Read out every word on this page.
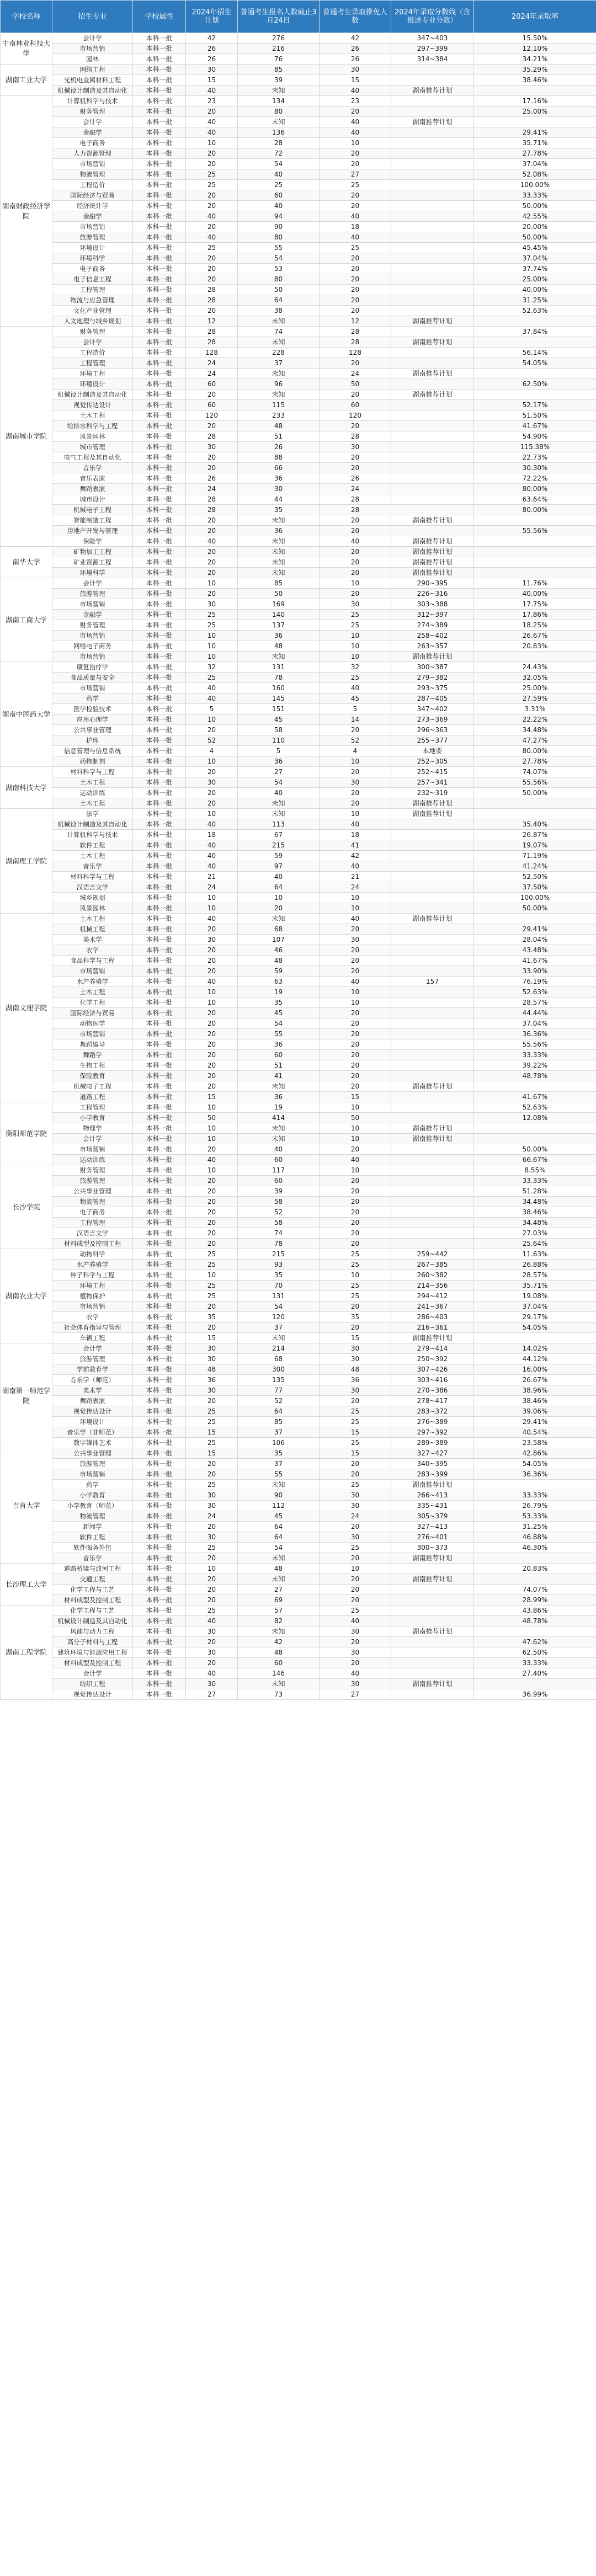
学校名称	招生专业	学校属性	2024年招生计划	普通考生报名人数截止3月24日	普通考生录取推免人数	2024年录取分数线（含推送专业分数）	2024年录取率
中南林业科技大学	会计学	本科一批	42	276	42	347~403	15.50%
	市场营销	本科一批	26	216	26	297~399	12.10%
	园林	本科一批	26	76	26	314~384	34.21%
湖南工业大学	网络工程	本科一批	30	85	30		35.29%
	光机电金属材料工程	本科一批	15	39	15		38.46%
	机械设计制造及其自动化	本科一批	40	未知	40	湖南推荐计划	
湖南财政经济学院	计算机科学与技术	本科一批	23	134	23		17.16%
	财务管理	本科一批	20	80	20		25.00%
	会计学	本科一批	40	未知	40	湖南推荐计划	
	金融学	本科一批	40	136	40		29.41%
	电子商务	本科一批	10	28	10		35.71%
	人力资源管理	本科一批	20	72	20		27.78%
	市场营销	本科一批	20	54	20		37.04%
	物流管理	本科一批	25	40	27		52.08%
	工程造价	本科一批	25	25	25		100.00%
	国际经济与贸易	本科一批	20	60	20		33.33%
	经济统计学	本科一批	20	40	20		50.00%
	金融学	本科一批	40	94	40		42.55%
	市场营销	本科一批	20	90	18		20.00%
	旅游管理	本科一批	40	80	40		50.00%
	环境设计	本科一批	25	55	25		45.45%
	环境科学	本科一批	20	54	20		37.04%
	电子商务	本科一批	20	53	20		37.74%
	电子信息工程	本科一批	20	80	20		25.00%
	工程管理	本科一批	28	50	20		40.00%
	物流与应急管理	本科一批	28	64	20		31.25%
	文化产业管理	本科一批	20	38	20		52.63%
	人文地理与城乡规划	本科一批	12	未知	12	湖南推荐计划	
湖南城市学院	财务管理	本科一批	28	74	28		37.84%
	会计学	本科一批	28	未知	28	湖南推荐计划	
	工程造价	本科一批	128	228	128		56.14%
	工程管理	本科一批	24	37	20		54.05%
	环境工程	本科一批	24	未知	24	湖南推荐计划	
	环境设计	本科一批	60	96	50		62.50%
	机械设计制造及其自动化	本科一批	20	未知	20	湖南推荐计划	
	视觉传达设计	本科一批	60	115	60		52.17%
	土木工程	本科一批	120	233	120		51.50%
	给排水科学与工程	本科一批	20	48	20		41.67%
	风景园林	本科一批	28	51	28		54.90%
	城市管理	本科一批	30	26	30		115.38%
	电气工程及其自动化	本科一批	20	88	20		22.73%
	音乐学	本科一批	20	66	20		30.30%
	音乐表演	本科一批	26	36	26		72.22%
	舞蹈表演	本科一批	24	30	24		80.00%
	城市设计	本科一批	28	44	28		63.64%
	机械电子工程	本科一批	28	35	28		80.00%
	智能制造工程	本科一批	20	未知	20	湖南推荐计划	
	房地产开发与管理	本科一批	20	36	20		55.56%
	保险学	本科一批	40	未知	40	湖南推荐计划	
南华大学	矿物加工工程	本科一批	20	未知	20	湖南推荐计划	
	矿业资源工程	本科一批	20	未知	20	湖南推荐计划	
	环境科学	本科一批	20	未知	20	湖南推荐计划	
湖南工商大学	会计学	本科一批	10	85	10	290~395	11.76%
	旅游管理	本科一批	20	50	20	226~316	40.00%
	市场营销	本科一批	30	169	30	303~388	17.75%
	金融学	本科一批	25	140	25	312~397	17.86%
	财务管理	本科一批	25	137	25	274~389	18.25%
	市场营销	本科一批	10	36	10	258~402	26.67%
	网络电子商务	本科一批	10	48	10	263~357	20.83%
	市场营销	本科一批	10	未知	10	湖南推荐计划	
湖南中医药大学	康复治疗学	本科一批	32	131	32	300~387	24.43%
	食品质量与安全	本科一批	25	78	25	279~382	32.05%
	市场营销	本科一批	40	160	40	293~375	25.00%
	药学	本科一批	40	145	45	287~405	27.59%
	医学检验技术	本科一批	5	151	5	347~402	3.31%
	应用心理学	本科一批	10	45	14	273~369	22.22%
	公共事业管理	本科一批	20	58	20	296~363	34.48%
	护理	本科一批	52	110	52	255~377	47.27%
	信息管理与信息系统	本科一批	4	5	4	本地要	80.00%
	药物制剂	本科一批	10	36	10	252~305	27.78%
湖南科技大学	材料科学与工程	本科一批	20	27	20	252~415	74.07%
	土木工程	本科一批	30	54	30	257~341	55.56%
	运动训练	本科一批	20	40	20	232~319	50.00%
	土木工程	本科一批	20	未知	20	湖南推荐计划	
湖南理工学院	法学	本科一批	10	未知	10	湖南推荐计划	
	机械设计制造及其自动化	本科一批	40	113	40		35.40%
	计算机科学与技术	本科一批	18	67	18		26.87%
	软件工程	本科一批	40	215	41		19.07%
	土木工程	本科一批	40	59	42		71.19%
	音乐学	本科一批	40	97	40		41.24%
	材料科学与工程	本科一批	21	40	21		52.50%
	汉语言文学	本科一批	24	64	24		37.50%
	城乡规划	本科一批	10	10	10		100.00%
	风景园林	本科一批	10	20	10		50.00%
湖南文理学院	土木工程	本科一批	40	未知	40	湖南推荐计划	
	机械工程	本科一批	20	68	20		29.41%
	美术学	本科一批	30	107	30		28.04%
	农学	本科一批	20	46	20		43.48%
	食品科学与工程	本科一批	20	48	20		41.67%
	市场营销	本科一批	20	59	20		33.90%
	水产养殖学	本科一批	40	63	40	157	76.19%
	土木工程	本科一批	10	19	10		52.63%
	化学工程	本科一批	10	35	10		28.57%
	国际经济与贸易	本科一批	20	45	20		44.44%
	动物医学	本科一批	20	54	20		37.04%
	市场营销	本科一批	20	55	20		36.36%
	舞蹈编导	本科一批	20	36	20		55.56%
	舞蹈学	本科一批	20	60	20		33.33%
	生物工程	本科一批	20	51	20		39.22%
	保险教育	本科一批	20	41	20		48.78%
	机械电子工程	本科一批	20	未知	20	湖南推荐计划	
	道路工程	本科一批	15	36	15		41.67%
衡阳师范学院	工程管理	本科一批	10	19	10		52.63%
	小学教育	本科一批	50	414	50		12.08%
	物理学	本科一批	10	未知	10	湖南推荐计划	
	会计学	本科一批	10	未知	10	湖南推荐计划	
	市场营销	本科一批	20	40	20		50.00%
	运动训练	本科一批	40	60	40		66.67%
长沙学院	财务管理	本科一批	10	117	10		8.55%
	旅游管理	本科一批	20	60	20		33.33%
	公共事业管理	本科一批	20	39	20		51.28%
	物流管理	本科一批	20	58	20		34.48%
	电子商务	本科一批	20	52	20		38.46%
	工程管理	本科一批	20	58	20		34.48%
	汉语言文学	本科一批	20	74	20		27.03%
	材料成型及控制工程	本科一批	20	78	20		25.64%
湖南农业大学	动物科学	本科一批	25	215	25	259~442	11.63%
	水产养殖学	本科一批	25	93	25	267~385	26.88%
	种子科学与工程	本科一批	10	35	10	260~382	28.57%
	环境工程	本科一批	25	70	25	214~356	35.71%
	植物保护	本科一批	25	131	25	294~412	19.08%
	市场营销	本科一批	20	54	20	241~367	37.04%
	农学	本科一批	35	120	35	286~403	29.17%
	社会体育指导与管理	本科一批	20	37	20	216~361	54.05%
	车辆工程	本科一批	15	未知	15	湖南推荐计划	
湖南第一师范学院	会计学	本科一批	30	214	30	279~414	14.02%
	旅游管理	本科一批	30	68	30	250~392	44.12%
	学前教育学	本科一批	48	300	48	307~426	16.00%
	音乐学（师范）	本科一批	36	135	36	303~416	26.67%
	美术学	本科一批	30	77	30	270~386	38.96%
	舞蹈表演	本科一批	20	52	20	278~417	38.46%
	视觉传达设计	本科一批	25	64	25	283~372	39.06%
	环境设计	本科一批	25	85	25	276~389	29.41%
	音乐学（非师范）	本科一批	15	37	15	297~392	40.54%
	数字媒体艺术	本科一批	25	106	25	289~389	23.58%
吉首大学	公共事业管理	本科一批	15	35	15	327~427	42.86%
	旅游管理	本科一批	20	37	20	340~395	54.05%
	市场营销	本科一批	20	55	20	283~399	36.36%
	药学	本科一批	25	未知	25	湖南推荐计划	
	小学教育	本科一批	30	90	30	266~413	33.33%
	小学教育（师范）	本科一批	30	112	30	335~431	26.79%
	物流管理	本科一批	24	45	24	305~379	53.33%
	新闻学	本科一批	20	64	20	327~413	31.25%
	软件工程	本科一批	30	64	30	276~401	46.88%
	软件服务外包	本科一批	25	54	25	300~373	46.30%
	音乐学	本科一批	20	未知	20	湖南推荐计划	
长沙理工大学	道路桥梁与渡河工程	本科一批	10	48	10		20.83%
	交通工程	本科一批	20	未知	20	湖南推荐计划	
	化学工程与工艺	本科一批	20	27	20		74.07%
	材料成型及控制工程	本科一批	20	69	20		28.99%
湖南工程学院	化学工程与工艺	本科一批	25	57	25		43.86%
	机械设计制造及其自动化	本科一批	40	82	40		48.78%
	风能与动力工程	本科一批	30	未知	30	湖南推荐计划	
	高分子材料与工程	本科一批	20	42	20		47.62%
	建筑环境与能源应用工程	本科一批	30	48	30		62.50%
	材料成型及控制工程	本科一批	20	60	20		33.33%
	会计学	本科一批	40	146	40		27.40%
	纺织工程	本科一批	30	未知	30	湖南推荐计划	
	视觉传达设计	本科一批	27	73	27		36.99%
